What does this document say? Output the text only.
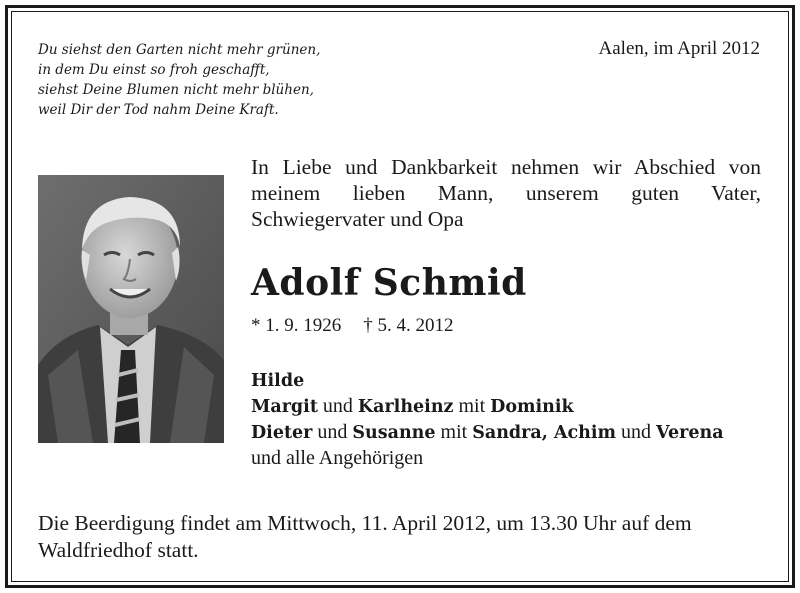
Du siehst den Garten nicht mehr grünen,
in dem Du einst so froh geschafft,
siehst Deine Blumen nicht mehr blühen,
weil Dir der Tod nahm Deine Kraft.
Aalen, im April 2012
In Liebe und Dankbarkeit nehmen wir Abschied von meinem lieben Mann, unserem guten Vater, Schwiegervater und Opa
Adolf Schmid
* 1. 9. 1926 † 5. 4. 2012
Hilde
Margit und Karlheinz mit Dominik
Dieter und Susanne mit Sandra, Achim und Verena
und alle Angehörigen
Die Beerdigung findet am Mittwoch, 11. April 2012, um 13.30 Uhr auf dem Waldfriedhof statt.
